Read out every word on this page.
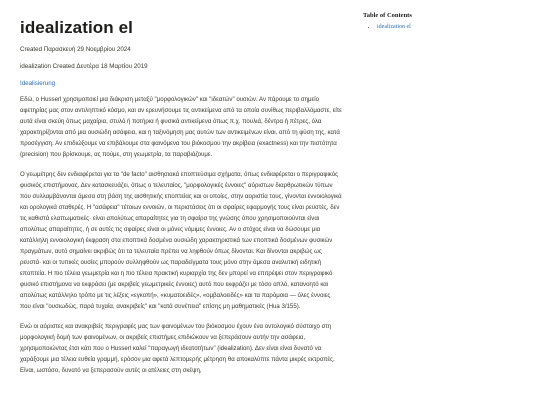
idealization el
Created Παρασκευή 29 Νοεμβρίου 2024
idealization Created Δευτέρα 18 Μαρτίου 2019
Idealisierung

Εδώ, ο Husserl χρησιμοποιεί μια διάκριση μεταξύ "μορφολογικών" και "ιδεατών" ουσιών. Αν πάρουμε το σημείο αφετηρίας μας στον αντιληπτικό κόσμο, και αν ερευνήσουμε τις αντικείμενα από τα οποία συνίθως περιβαλλόμαστε, είτε αυτά είναι σκεύη όπως μαχαίρια, στυλό ή ποτήρια ή φυσικά αντικείμενα όπως π.χ. πουλιά, δέντρα ή πέτρες, όλα χαρακτηρίζονται από μια ουσιώδη ασάφεια, και η ταξινόμηση μας αυτών των αντικειμένων είναι, από τη φύση της, κατά προσέγγιση. Αν επιδιώξουμε να επιβάλουμε στα φαινόμενα του βιόκοσμου την ακρίβεια (exactness) και την πιστότητα (precision) που βρίσκουμε, ας πούμε, στη γεωμετρία, τα παραβιάζουμε.

Ο γεωμέτρης δεν ενδιαφέρεται για τα "de facto" αισθησιακά εποπτεύσιμα σχήματα, όπως ενδιαφέρεται ο περιγραφικός φυσικός επιστήμονας. Δεν κατασκευάζει, όπως ο τελευταίος, "μορφολογικές έννοιες" αόριστων διαρθρωτικών τύπων που συλλαμβάνονται άμεσα στη βάση της αισθητικής εποπτείας και οι οποίες, στην αοριστία τους, γίνονται εννοιολογικά και ορολογικά σταθερές. Η "ασάφεια" τέτοιων εννοιών, οι περιστάσεις ότι οι σφαίρες εφαρμογής τους είναι ρευστές, δεν τις καθιστά ελαττωματικές· είναι απολύτως απαραίτητες για τη σφαίρα της γνώσης όπου χρησιμοποιούνται είναι απολύτως απαραίτητες, ή σε αυτές τις σφαίρες είναι οι μόνες νόμιμες έννοιες. Αν ο στόχος είναι να δώσουμε μια κατάλληλη εννοιολογική έκφραση στα εποπτικά δοσμένα ουσιώδη χαρακτηριστικά των εποπτικά δοσμένων φυσικών πραγμάτων, αυτό σημαίνει ακριβώς ότι τα τελευταία πρέπει να ληφθούν όπως δίνονται. Και δίνονται ακριβώς ως ρευστά· και οι τυπικές ουσίες μπορούν συλληφθούν ως παραδείγματα τους μόνο στην άμεσα αναλυτική ειδητική εποπτεία. Η πιο τέλεια γεωμετρία και η πιο τέλεια πρακτική κυριαρχία της δεν μπορεί να επιτρέψει στον περιγραφικό φυσικό επιστήμονα να εκφράσει (με ακριβείς γεωμετρικές έννοιες) αυτό που εκφράζει με τόσο απλό, κατανοητό και απολύτως κατάλληλο τρόπο με τις λέξεις «εγκοπή», «κυματοειδές», «ομβαλοειδές» και τα παρόμοια — όλες έννοιες που είναι "ουσιωδώς, παρά τυχαία, ανακριβείς" και "κατά συνέπεια" επίσης μη μαθηματικές (Hua 3/155).

Ενώ οι αόριστες και ανακριβείς περιγραφές μας των φαινομένων του βιόκοσμου έχουν ένα οντολογικό σύστοιχο στη μορφολογική δομή των φαινομένων, οι ακριβείς επιστήμες επιδιώκουν να ξεπεράσουν αυτήν την ασάφεια, χρησιμοποιώντας έτσι κάτι που ο Husserl καλεί "παραγωγή ιδεατοτήτων" (idealization). Δεν είναι είναι δυνατό να χαράξουμε μια τέλεια ευθεία γραμμή, ερόσον μια αφετά λεπτομερής μέτρηση θα αποκαλύπτε πάντα μικρές εκτροπές. Είναι, ωστόσο, δυνατό να ξεπερασούν αυτές οι ατέλειες στη σκέψη,

Table of Contents
• idealization el
